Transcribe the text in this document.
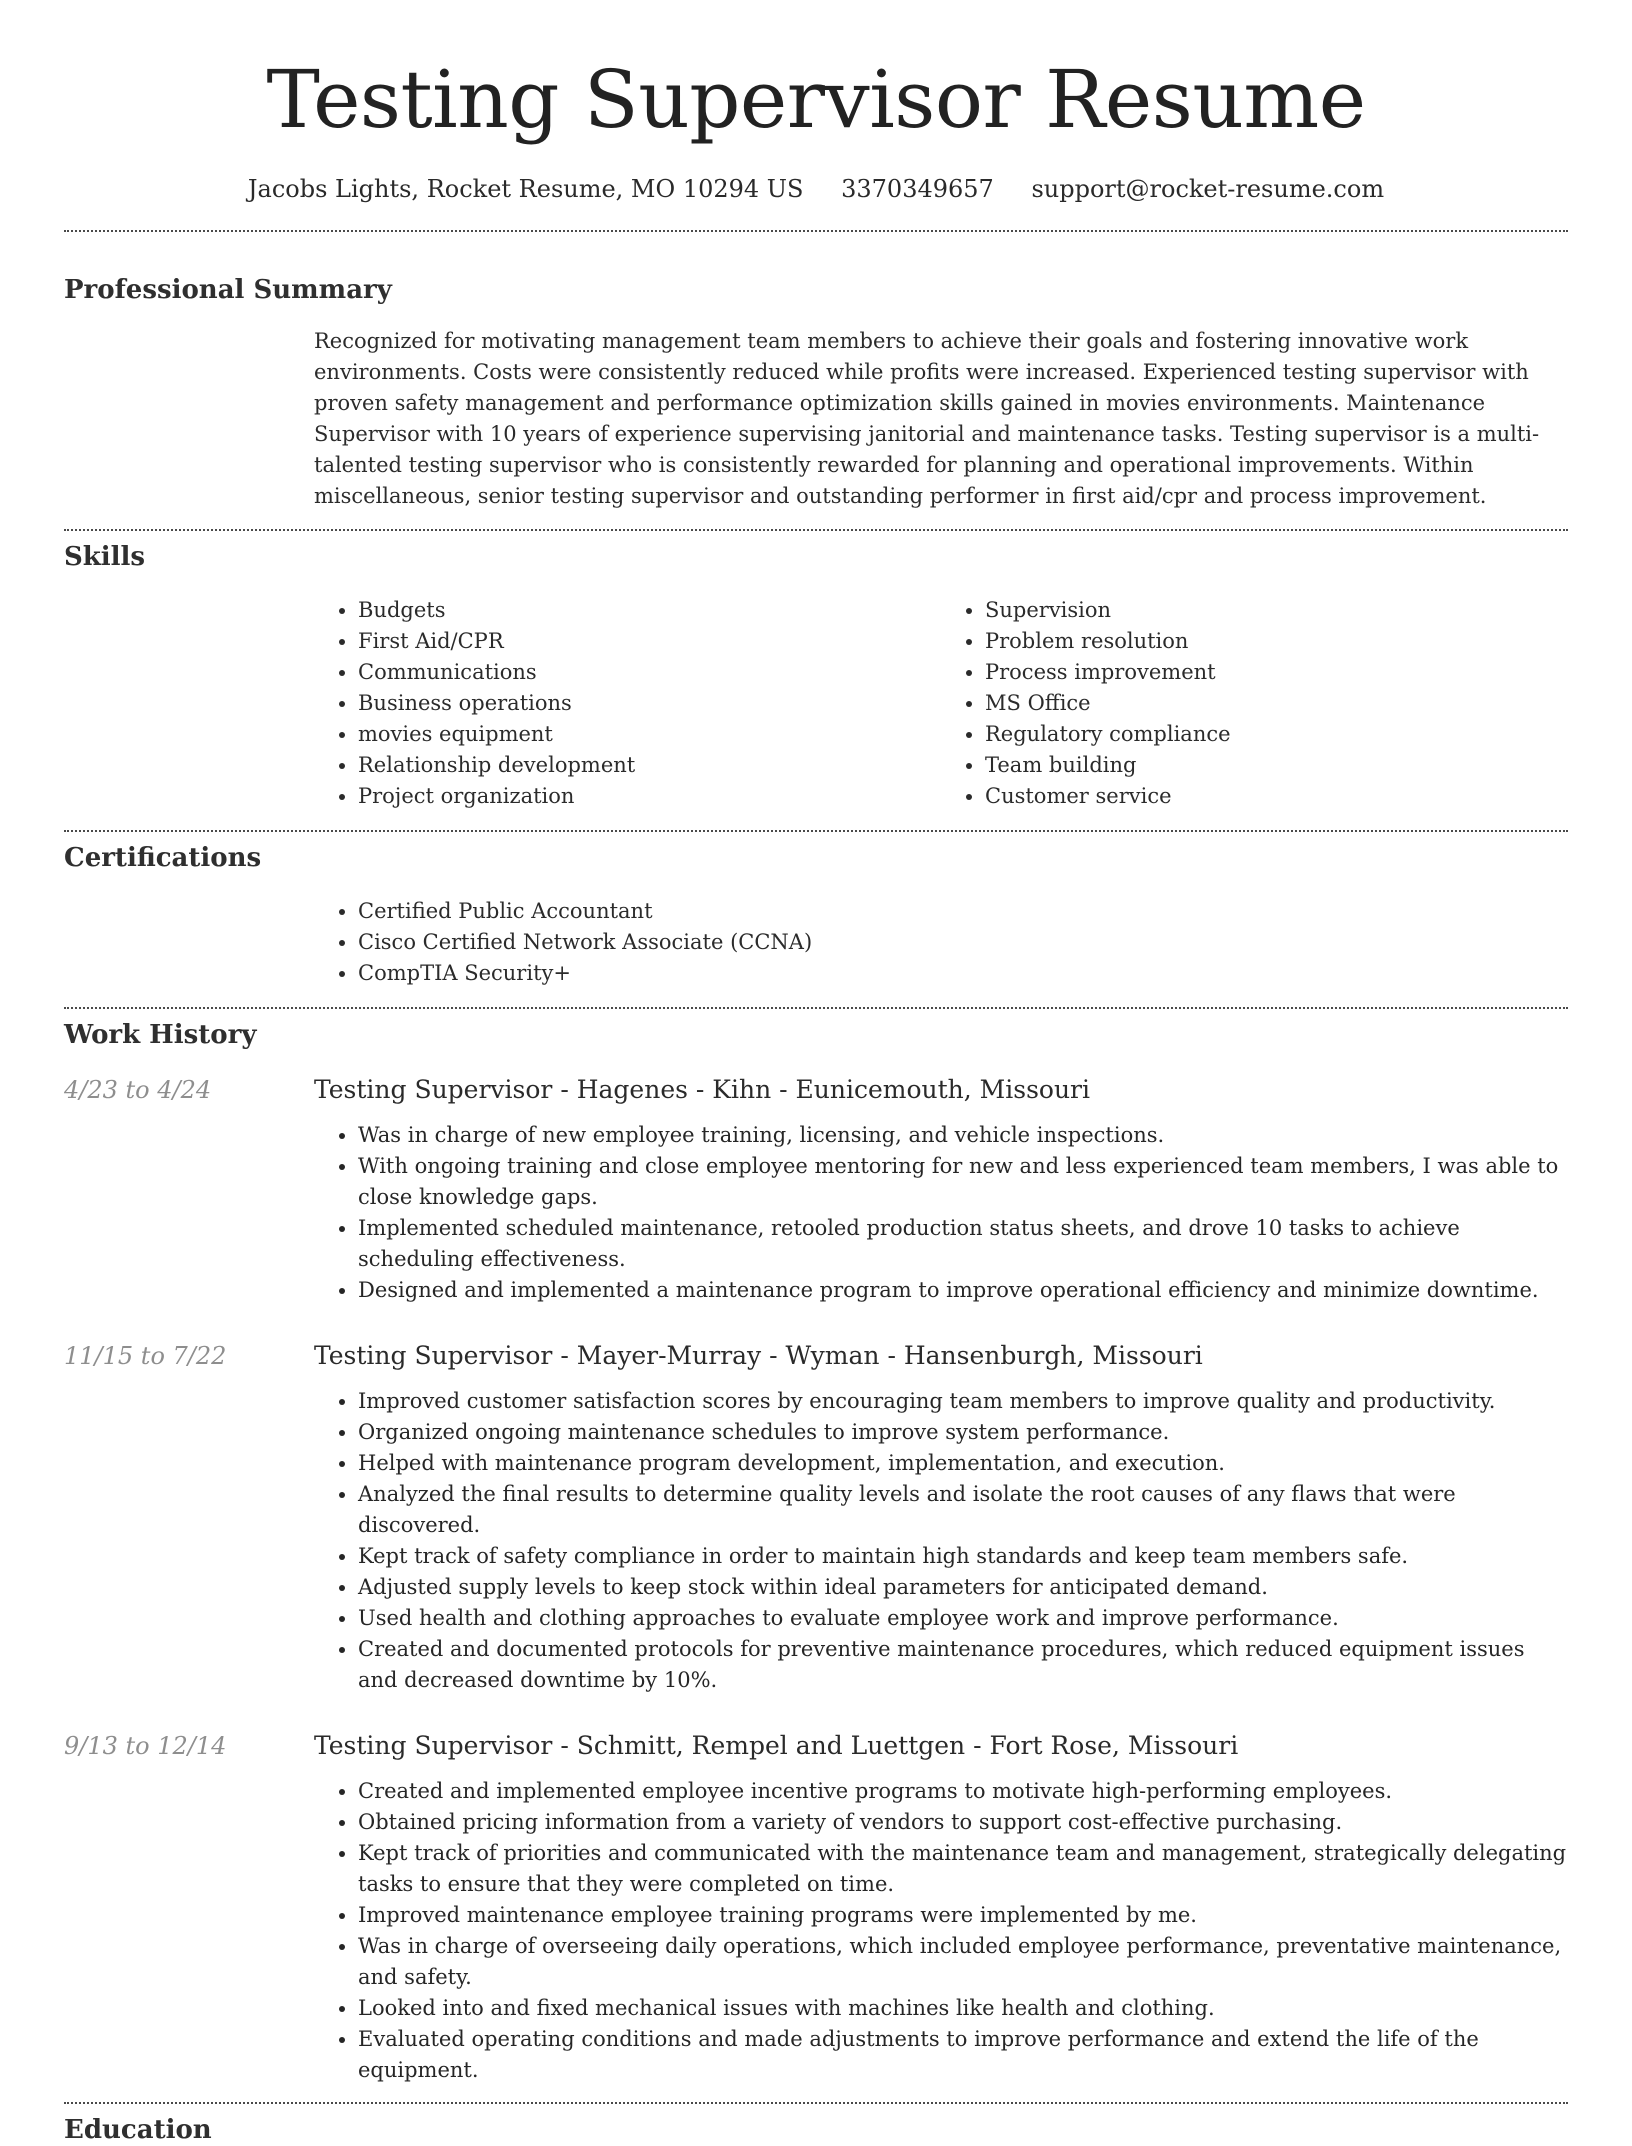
Testing Supervisor Resume
Jacobs Lights, Rocket Resume, MO 10294 US 3370349657 support@rocket-resume.com
Professional Summary
Recognized for motivating management team members to achieve their goals and fostering innovative work environments. Costs were consistently reduced while profits were increased. Experienced testing supervisor with proven safety management and performance optimization skills gained in movies environments. Maintenance Supervisor with 10 years of experience supervising janitorial and maintenance tasks. Testing supervisor is a multi-talented testing supervisor who is consistently rewarded for planning and operational improvements. Within miscellaneous, senior testing supervisor and outstanding performer in first aid/cpr and process improvement.
Skills
• Budgets
• First Aid/CPR
• Communications
• Business operations
• movies equipment
• Relationship development
• Project organization
• Supervision
• Problem resolution
• Process improvement
• MS Office
• Regulatory compliance
• Team building
• Customer service
Certifications
• Certified Public Accountant
• Cisco Certified Network Associate (CCNA)
• CompTIA Security+
Work History
4/23 to 4/24	Testing Supervisor - Hagenes - Kihn - Eunicemouth, Missouri
• Was in charge of new employee training, licensing, and vehicle inspections.
• With ongoing training and close employee mentoring for new and less experienced team members, I was able to close knowledge gaps.
• Implemented scheduled maintenance, retooled production status sheets, and drove 10 tasks to achieve scheduling effectiveness.
• Designed and implemented a maintenance program to improve operational efficiency and minimize downtime.
11/15 to 7/22	Testing Supervisor - Mayer-Murray - Wyman - Hansenburgh, Missouri
• Improved customer satisfaction scores by encouraging team members to improve quality and productivity.
• Organized ongoing maintenance schedules to improve system performance.
• Helped with maintenance program development, implementation, and execution.
• Analyzed the final results to determine quality levels and isolate the root causes of any flaws that were discovered.
• Kept track of safety compliance in order to maintain high standards and keep team members safe.
• Adjusted supply levels to keep stock within ideal parameters for anticipated demand.
• Used health and clothing approaches to evaluate employee work and improve performance.
• Created and documented protocols for preventive maintenance procedures, which reduced equipment issues and decreased downtime by 10%.
9/13 to 12/14	Testing Supervisor - Schmitt, Rempel and Luettgen - Fort Rose, Missouri
• Created and implemented employee incentive programs to motivate high-performing employees.
• Obtained pricing information from a variety of vendors to support cost-effective purchasing.
• Kept track of priorities and communicated with the maintenance team and management, strategically delegating tasks to ensure that they were completed on time.
• Improved maintenance employee training programs were implemented by me.
• Was in charge of overseeing daily operations, which included employee performance, preventative maintenance, and safety.
• Looked into and fixed mechanical issues with machines like health and clothing.
• Evaluated operating conditions and made adjustments to improve performance and extend the life of the equipment.
Education
